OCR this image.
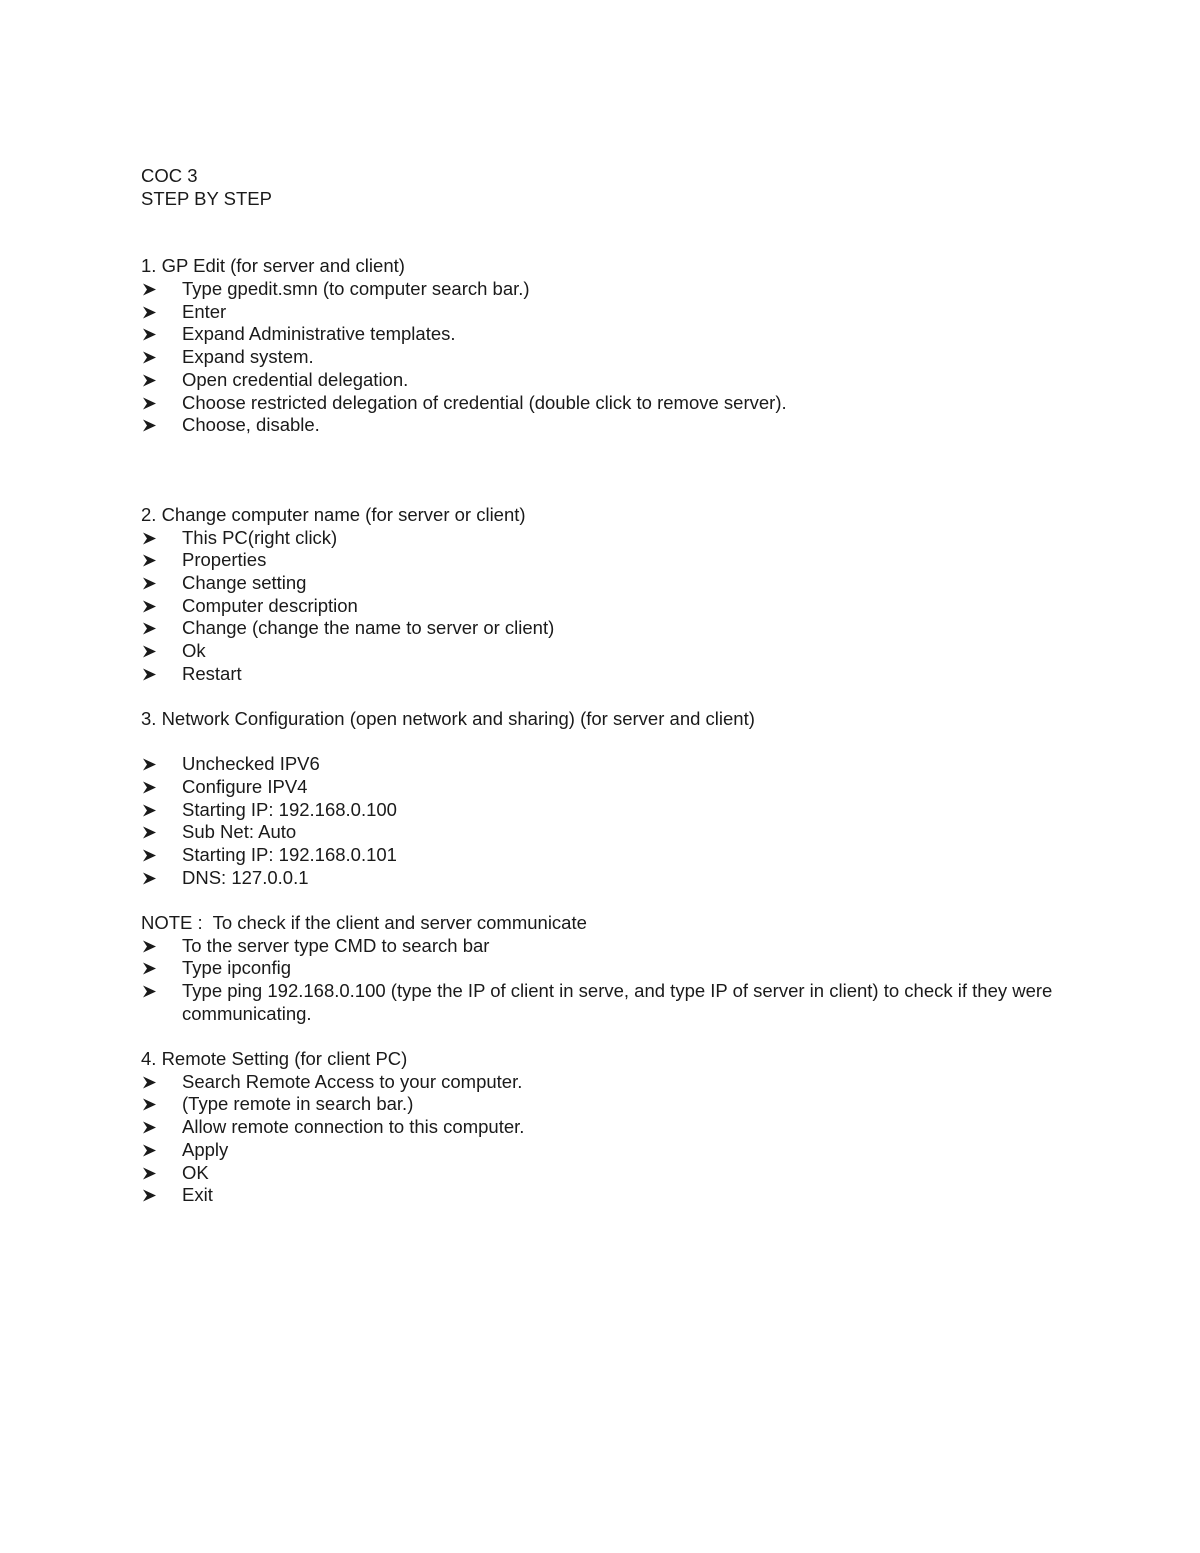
COC 3
STEP BY STEP
1. GP Edit (for server and client)
Type gpedit.smn (to computer search bar.)
Enter
Expand Administrative templates.
Expand system.
Open credential delegation.
Choose restricted delegation of credential (double click to remove server).
Choose, disable.
2. Change computer name (for server or client)
This PC(right click)
Properties
Change setting
Computer description
Change (change the name to server or client)
Ok
Restart
3. Network Configuration (open network and sharing) (for server and client)
Unchecked IPV6
Configure IPV4
Starting IP: 192.168.0.100
Sub Net: Auto
Starting IP: 192.168.0.101
DNS: 127.0.0.1
NOTE :  To check if the client and server communicate
To the server type CMD to search bar
Type ipconfig
Type ping 192.168.0.100 (type the IP of client in serve, and type IP of server in client) to check if they were communicating.
4. Remote Setting (for client PC)
Search Remote Access to your computer.
(Type remote in search bar.)
Allow remote connection to this computer.
Apply
OK
Exit
